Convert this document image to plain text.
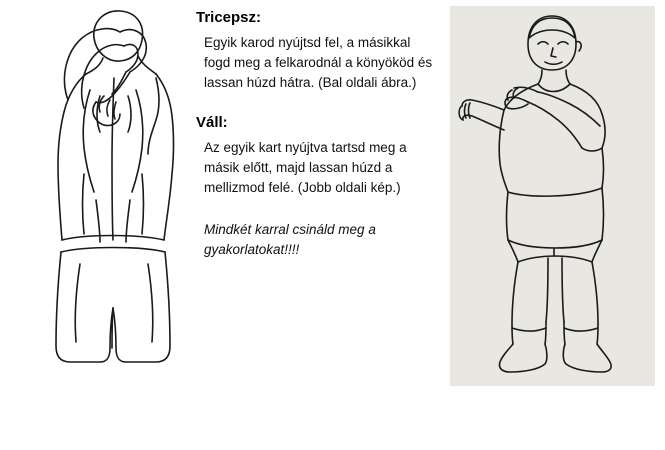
Tricepsz:

Egyik karod nyújtsd fel, a másikkal fogd meg a felkarodnál a könyököd és lassan húzd hátra. (Bal oldali ábra.)

Váll:

Az egyik kart nyújtva tartsd meg a másik előtt, majd lassan húzd a mellizmod felé. (Jobb oldali kép.)

Mindkét karral csináld meg a gyakorlatokat!!!!
